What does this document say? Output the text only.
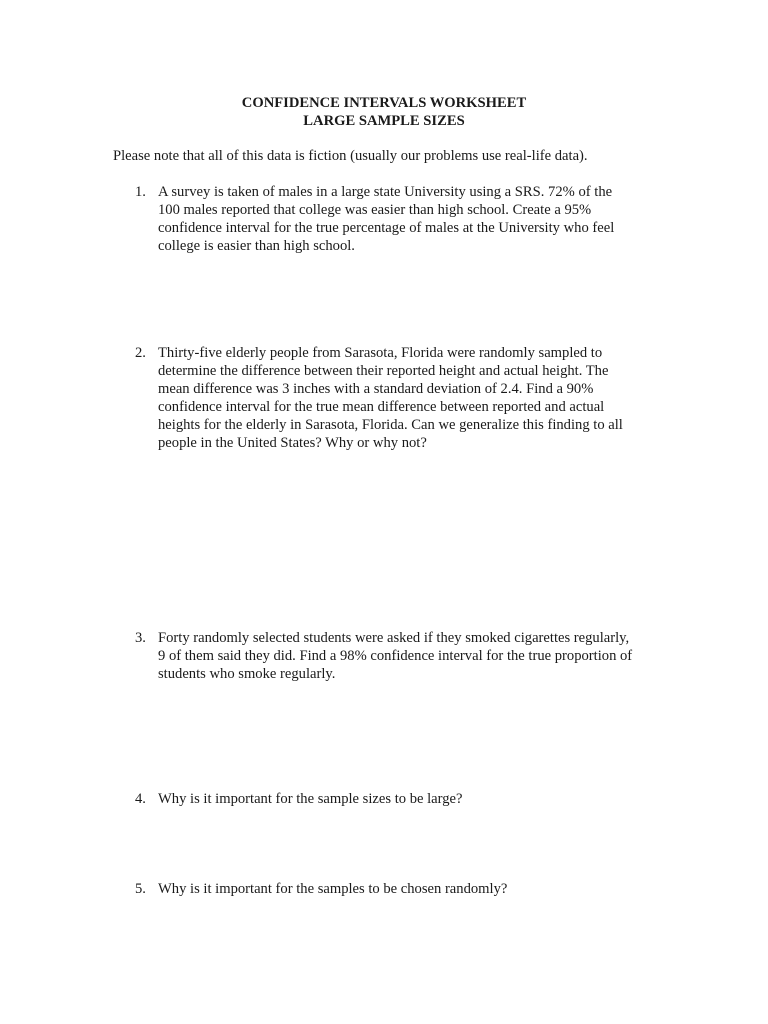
CONFIDENCE INTERVALS WORKSHEET
LARGE SAMPLE SIZES
Please note that all of this data is fiction (usually our problems use real-life data).
1. A survey is taken of males in a large state University using a SRS. 72% of the
100 males reported that college was easier than high school. Create a 95%
confidence interval for the true percentage of males at the University who feel
college is easier than high school.
2. Thirty-five elderly people from Sarasota, Florida were randomly sampled to
determine the difference between their reported height and actual height. The
mean difference was 3 inches with a standard deviation of 2.4. Find a 90%
confidence interval for the true mean difference between reported and actual
heights for the elderly in Sarasota, Florida. Can we generalize this finding to all
people in the United States? Why or why not?
3. Forty randomly selected students were asked if they smoked cigarettes regularly,
9 of them said they did. Find a 98% confidence interval for the true proportion of
students who smoke regularly.
4. Why is it important for the sample sizes to be large?
5. Why is it important for the samples to be chosen randomly?
